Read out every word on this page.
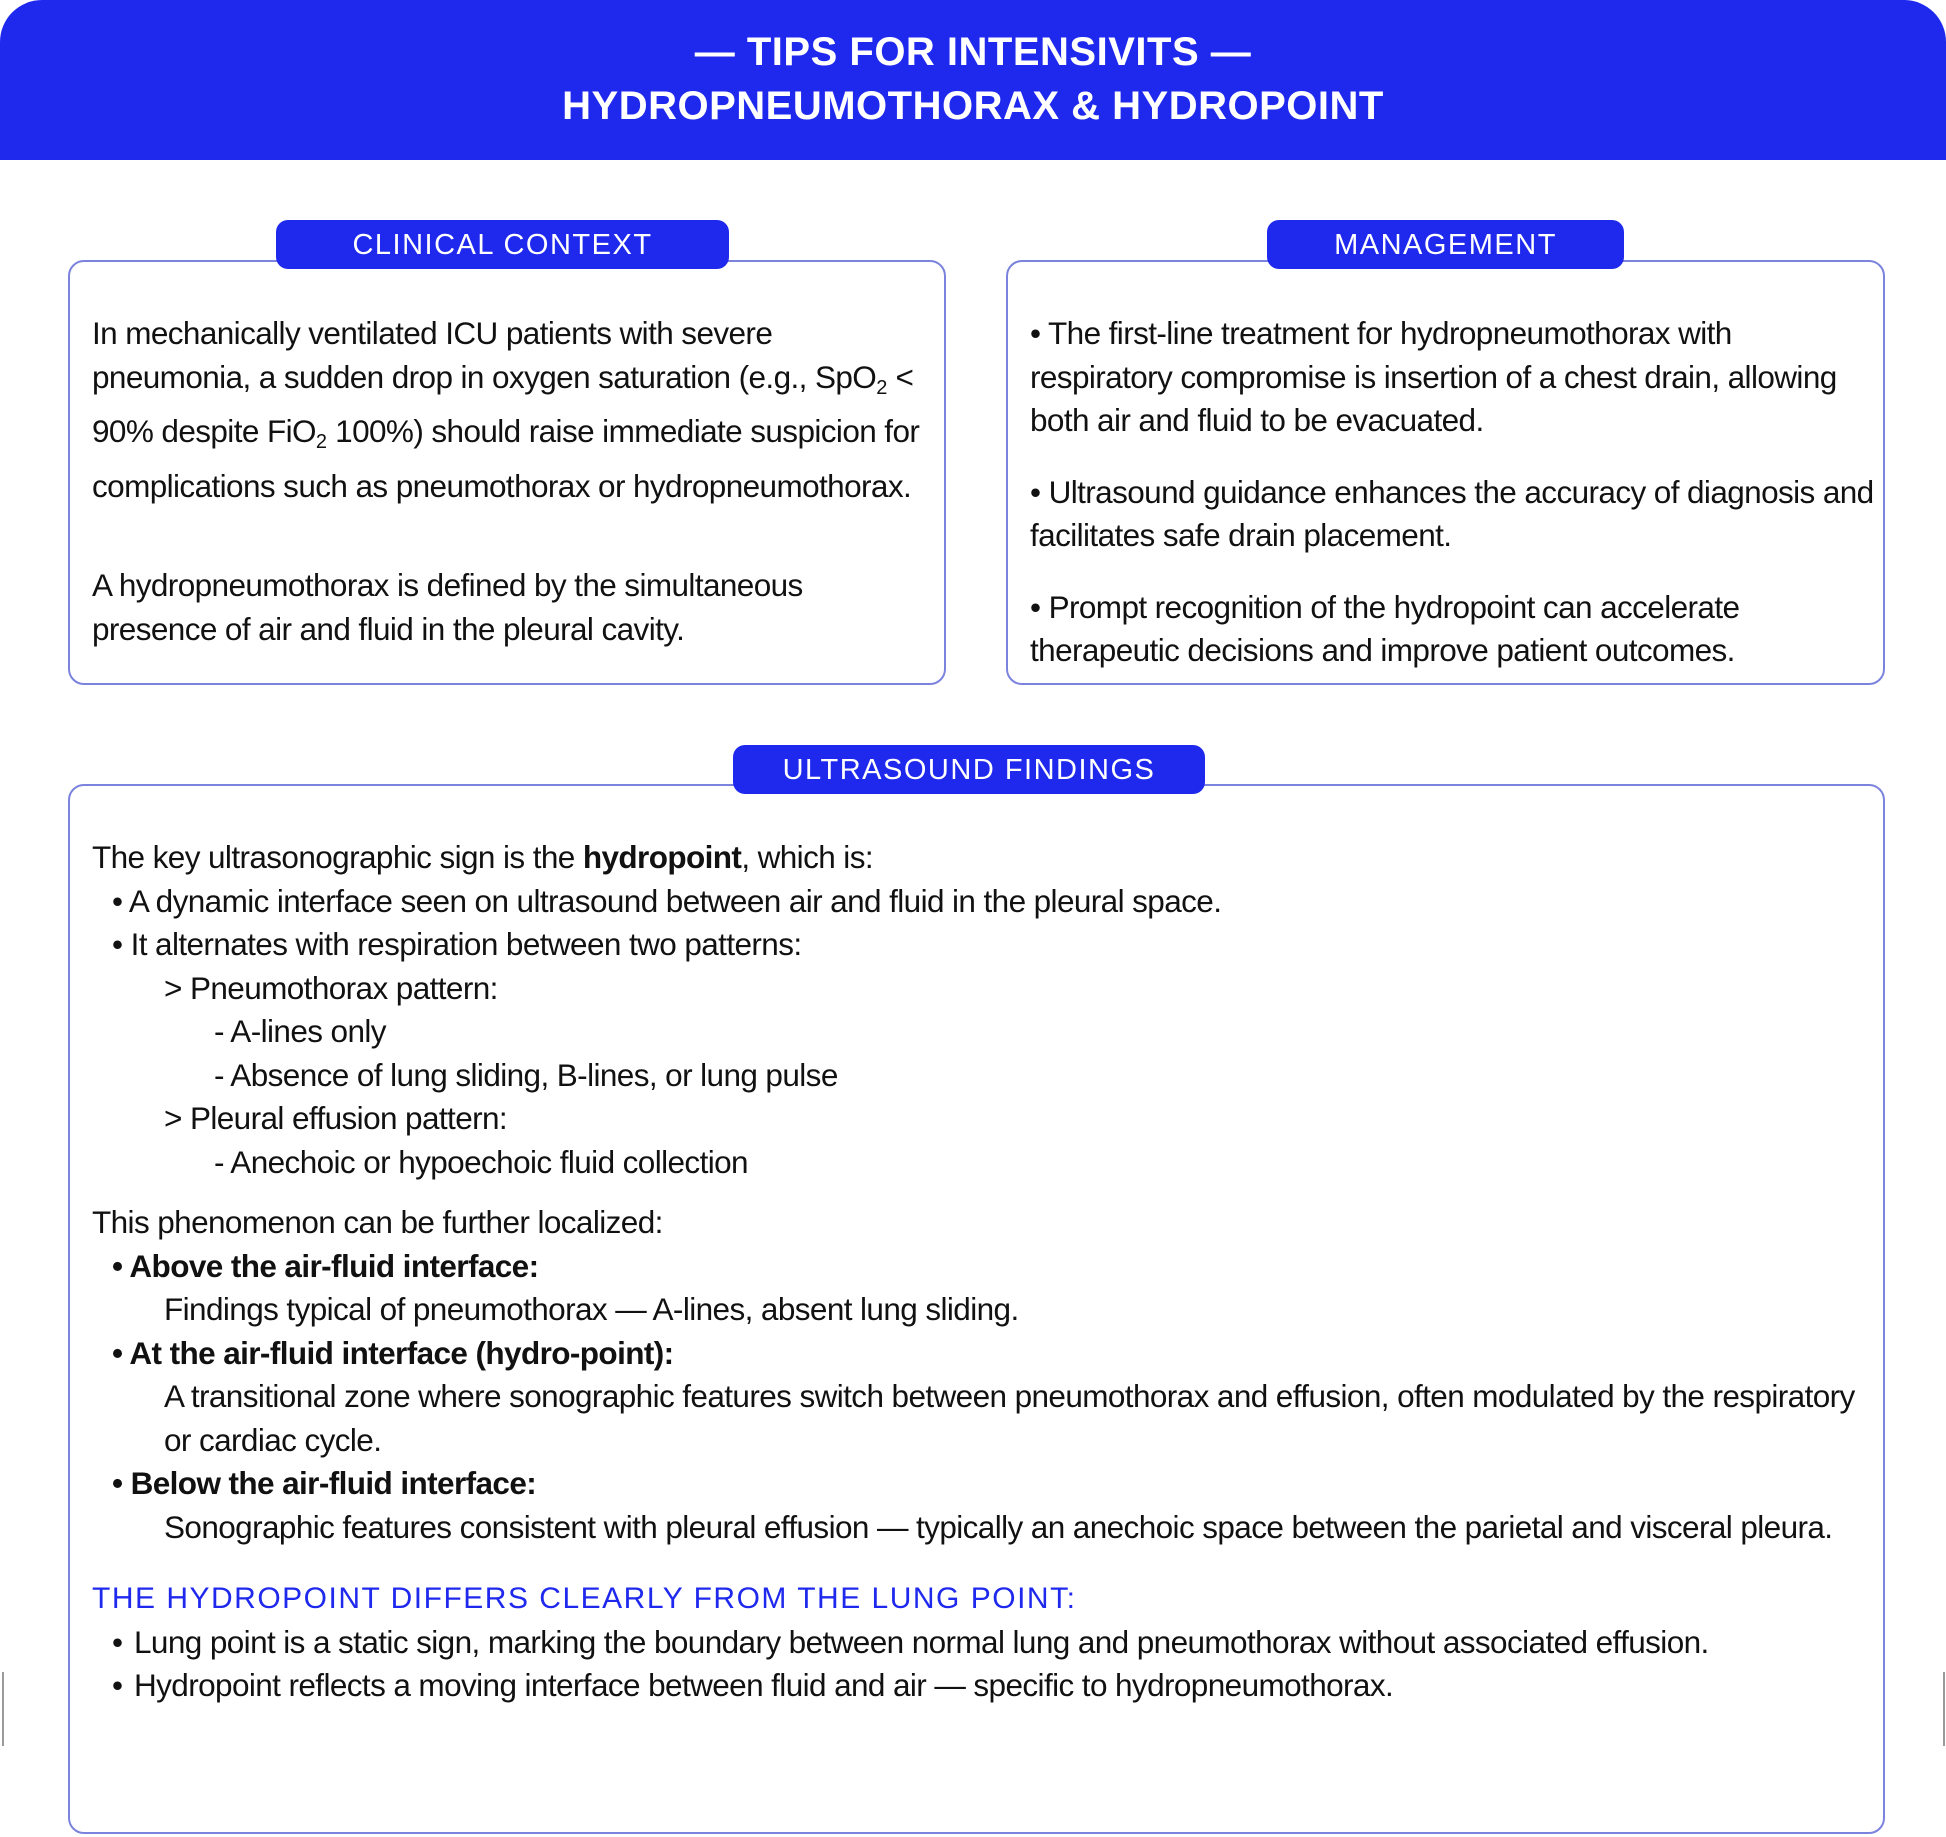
— TIPS FOR INTENSIVITS —
HYDROPNEUMOTHORAX & HYDROPOINT

In mechanically ventilated ICU patients with severe pneumonia, a sudden drop in oxygen saturation (e.g., SpO$_2$ < 90% despite FiO$_2$ 100%) should raise immediate suspicion for complications such as pneumothorax or hydropneumothorax.

A hydropneumothorax is defined by the simultaneous presence of air and fluid in the pleural cavity.

CLINICAL CONTEXT

• The first-line treatment for hydropneumothorax with respiratory compromise is insertion of a chest drain, allowing both air and fluid to be evacuated.

• Ultrasound guidance enhances the accuracy of diagnosis and facilitates safe drain placement.

• Prompt recognition of the hydropoint can accelerate therapeutic decisions and improve patient outcomes.

MANAGEMENT

The key ultrasonographic sign is the hydropoint, which is:

• A dynamic interface seen on ultrasound between air and fluid in the pleural space.

• It alternates with respiration between two patterns:

> Pneumothorax pattern:

- A-lines only

- Absence of lung sliding, B-lines, or lung pulse

> Pleural effusion pattern:

- Anechoic or hypoechoic fluid collection

This phenomenon can be further localized:

• Above the air-fluid interface:

Findings typical of pneumothorax — A-lines, absent lung sliding.

• At the air-fluid interface (hydro-point):

A transitional zone where sonographic features switch between pneumothorax and effusion, often modulated by the respiratory or cardiac cycle.

• Below the air-fluid interface:

Sonographic features consistent with pleural effusion — typically an anechoic space between the parietal and visceral pleura.

THE HYDROPOINT DIFFERS CLEARLY FROM THE LUNG POINT:

• Lung point is a static sign, marking the boundary between normal lung and pneumothorax without associated effusion.

• Hydropoint reflects a moving interface between fluid and air — specific to hydropneumothorax.

ULTRASOUND FINDINGS
